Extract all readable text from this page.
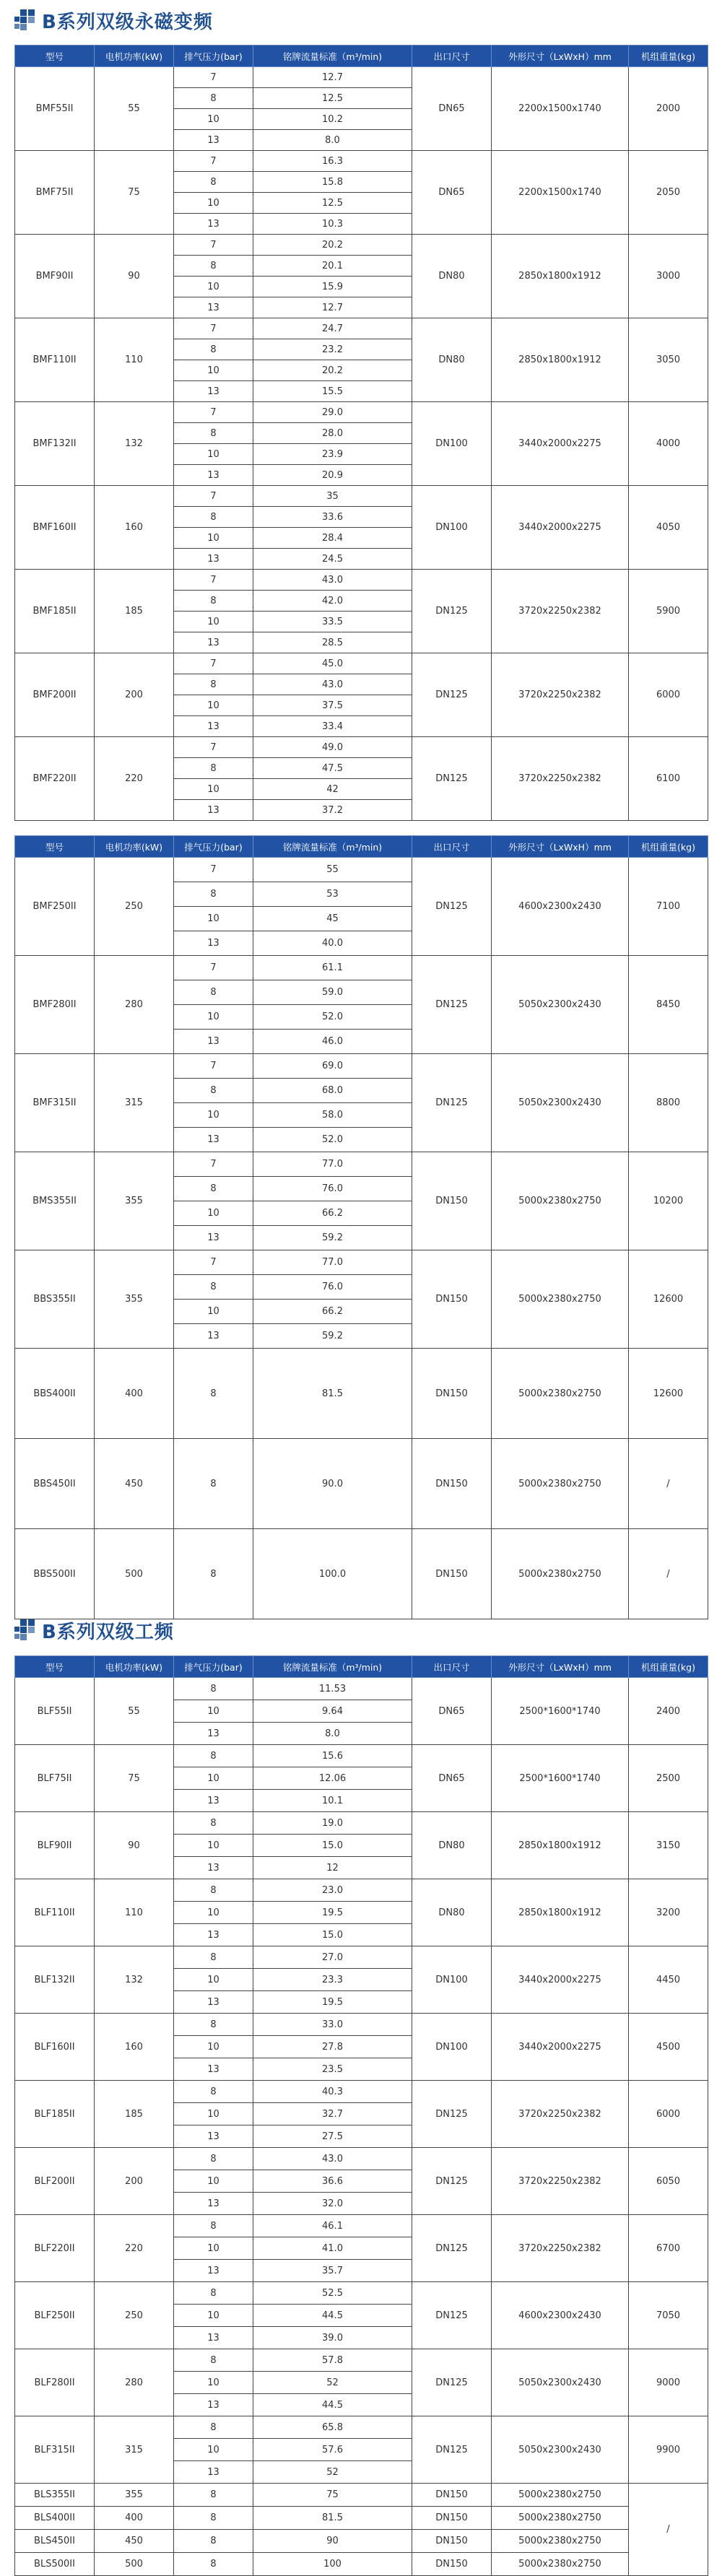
B系列双级永磁变频
型号	电机功率(kW)	排气压力(bar)	铭牌流量标准（m³/min)	出口尺寸	外形尺寸（LxWxH）mm	机组重量(kg)
BMF55II	55	7	12.7	DN65	2200x1500x1740	2000
		8	12.5			
		10	10.2			
		13	8.0			
BMF75II	75	7	16.3	DN65	2200x1500x1740	2050
		8	15.8			
		10	12.5			
		13	10.3			
BMF90II	90	7	20.2	DN80	2850x1800x1912	3000
		8	20.1			
		10	15.9			
		13	12.7			
BMF110II	110	7	24.7	DN80	2850x1800x1912	3050
		8	23.2			
		10	20.2			
		13	15.5			
BMF132II	132	7	29.0	DN100	3440x2000x2275	4000
		8	28.0			
		10	23.9			
		13	20.9			
BMF160II	160	7	35	DN100	3440x2000x2275	4050
		8	33.6			
		10	28.4			
		13	24.5			
BMF185II	185	7	43.0	DN125	3720x2250x2382	5900
		8	42.0			
		10	33.5			
		13	28.5			
BMF200II	200	7	45.0	DN125	3720x2250x2382	6000
		8	43.0			
		10	37.5			
		13	33.4			
BMF220II	220	7	49.0	DN125	3720x2250x2382	6100
		8	47.5			
		10	42			
		13	37.2			
型号	电机功率(kW)	排气压力(bar)	铭牌流量标准（m³/min)	出口尺寸	外形尺寸（LxWxH）mm	机组重量(kg)
BMF250II	250	7	55	DN125	4600x2300x2430	7100
		8	53			
		10	45			
		13	40.0			
BMF280II	280	7	61.1	DN125	5050x2300x2430	8450
		8	59.0			
		10	52.0			
		13	46.0			
BMF315II	315	7	69.0	DN125	5050x2300x2430	8800
		8	68.0			
		10	58.0			
		13	52.0			
BMS355II	355	7	77.0	DN150	5000x2380x2750	10200
		8	76.0			
		10	66.2			
		13	59.2			
BBS355II	355	7	77.0	DN150	5000x2380x2750	12600
		8	76.0			
		10	66.2			
		13	59.2			
BBS400II	400	8	81.5	DN150	5000x2380x2750	12600
BBS450II	450	8	90.0	DN150	5000x2380x2750	/
BBS500II	500	8	100.0	DN150	5000x2380x2750	/
B系列双级工频
型号	电机功率(kW)	排气压力(bar)	铭牌流量标准（m³/min)	出口尺寸	外形尺寸（LxWxH）mm	机组重量(kg)
BLF55II	55	8	11.53	DN65	2500*1600*1740	2400
		10	9.64			
		13	8.0			
BLF75II	75	8	15.6	DN65	2500*1600*1740	2500
		10	12.06			
		13	10.1			
BLF90II	90	8	19.0	DN80	2850x1800x1912	3150
		10	15.0			
		13	12			
BLF110II	110	8	23.0	DN80	2850x1800x1912	3200
		10	19.5			
		13	15.0			
BLF132II	132	8	27.0	DN100	3440x2000x2275	4450
		10	23.3			
		13	19.5			
BLF160II	160	8	33.0	DN100	3440x2000x2275	4500
		10	27.8			
		13	23.5			
BLF185II	185	8	40.3	DN125	3720x2250x2382	6000
		10	32.7			
		13	27.5			
BLF200II	200	8	43.0	DN125	3720x2250x2382	6050
		10	36.6			
		13	32.0			
BLF220II	220	8	46.1	DN125	3720x2250x2382	6700
		10	41.0			
		13	35.7			
BLF250II	250	8	52.5	DN125	4600x2300x2430	7050
		10	44.5			
		13	39.0			
BLF280II	280	8	57.8	DN125	5050x2300x2430	9000
		10	52			
		13	44.5			
BLF315II	315	8	65.8	DN125	5050x2300x2430	9900
		10	57.6			
		13	52			
BLS355II	355	8	75	DN150	5000x2380x2750	/
BLS400II	400	8	81.5	DN150	5000x2380x2750	
BLS450II	450	8	90	DN150	5000x2380x2750	
BLS500II	500	8	100	DN150	5000x2380x2750	
